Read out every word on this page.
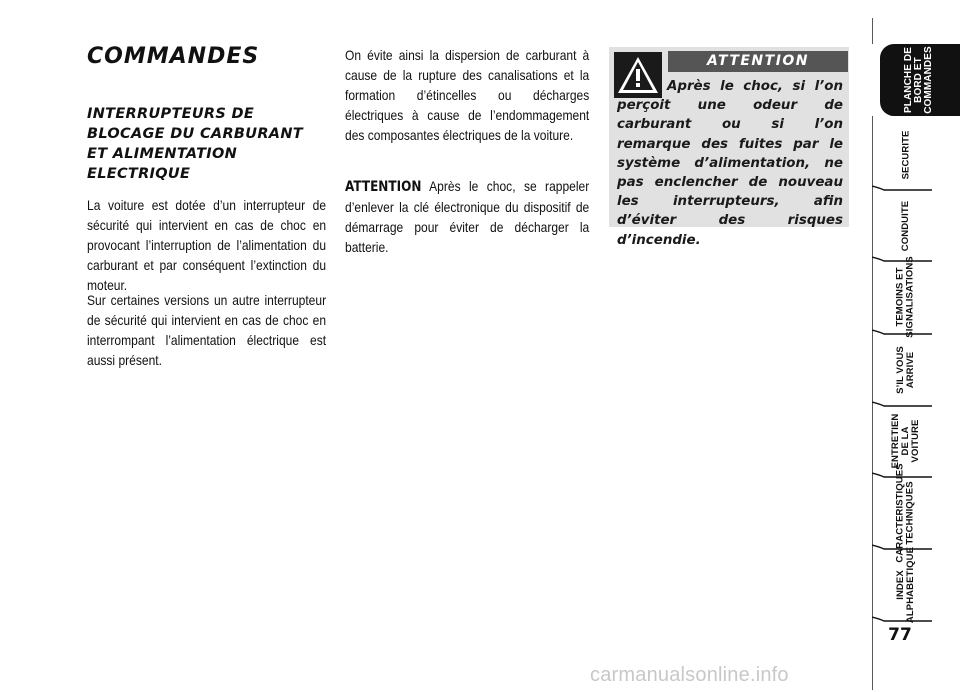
COMMANDES
INTERRUPTEURS DE BLOCAGE DU CARBURANT ET ALIMENTATION ELECTRIQUE

La voiture est dotée d’un interrupteur de sécurité qui intervient en cas de choc en provocant l’interruption de l’alimentation du carburant et par conséquent l’extinction du moteur.

Sur certaines versions un autre interrupteur de sécurité qui intervient en cas de choc en interrompant l’alimentation électrique est aussi présent.

On évite ainsi la dispersion de carburant à cause de la rupture des canalisations et la formation d’étincelles ou décharges électriques à cause de l’endommagement des composantes électriques de la voiture.

ATTENTION Après le choc, se rappeler d’enlever la clé électronique du dispositif de démarrage pour éviter de décharger la batterie.

ATTENTION

Après le choc, si l’on perçoit une odeur de carburant ou si l’on remarque des fuites par le système d’alimentation, ne pas enclencher de nouveau les interrupteurs, afin d’éviter des risques d’incendie.

PLANCHE DE
BORD ET
COMMANDES
SECURITE
CONDUITE
TEMOINS ET
SIGNALISATIONS
S’IL VOUS
ARRIVE
ENTRETIEN
DE LA VOITURE
CARACTERISTIQUES
TECHNIQUES
INDEX
ALPHABETIQUE
77
carmanualsonline.info
